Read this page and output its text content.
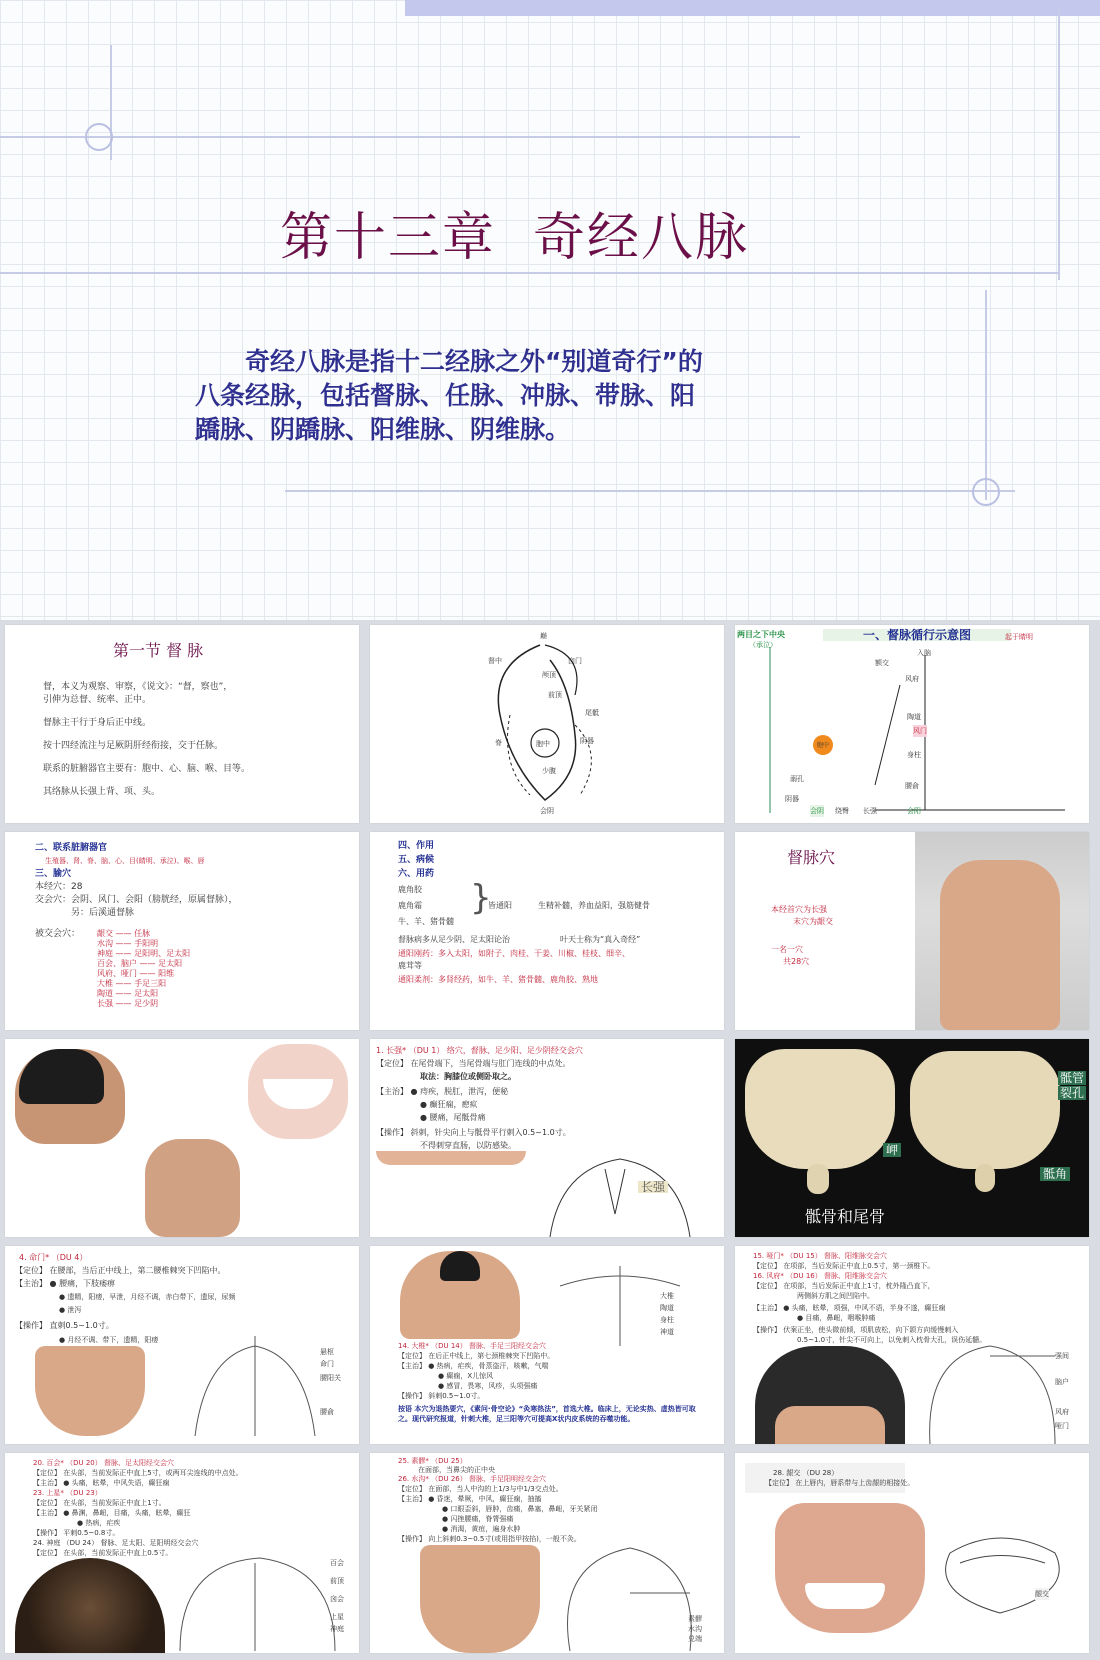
第十三章  奇经八脉
　　奇经八脉是指十二经脉之外“别道奇行”的
八条经脉，包括督脉、任脉、冲脉、带脉、阳
蹻脉、阴蹻脉、阳维脉、阴维脉。
第一节 督 脉
督，本义为观察、审察，《说文》：“督，察也”，
引伸为总督、统率、正中。
督脉主干行于身后正中线。
按十四经流注与足厥阴肝经衔接，交于任脉。
联系的脏腑器官主要有：胞中、心、脑、喉、目等。
其络脉从长强上背、项、头。
巅
囟门
督中
颅顶
前顶
尾骶
脊	胞中
少腹
阴器
会阴
两目之下中央
（承泣）
一、督脉循行示意图	起于睛明
入脑
额交
风府
陶道
风门
身柱
腰俞
会阴	长强
绕臀
胞中
会阳
阴器
溺孔
二、联系脏腑器官
生殖器、肾、脊、脑、心、目(睛明、承泣)、喉、唇
三、腧穴
本经穴：28
交会穴：会阴、风门、会阳（膀胱经，原属督脉），
另：后溪通督脉
被交会穴： 龈交 —— 任脉
水沟 —— 手阳明
神庭 —— 足阳明、足太阳
百会、脑户 —— 足太阳
风府、哑门 —— 阳维
大椎 —— 手足三阳
陶道 —— 足太阳
长强 —— 足少阴
四、作用
五、病候
六、用药
鹿角胶
鹿角霜
牛、羊、猪骨髓
}
皆通阳	生精补髓，养血益阳，强筋健骨
督脉病多从足少阴、足太阳论治	叶天士称为“真入奇经”
通阳刚药：多入太阳，如附子、肉桂、干姜、川椒、桂枝、细辛、
鹿茸等
通阳柔剂：多肾经药，如牛、羊、猪骨髓、鹿角胶、熟地
督脉穴
本经首穴为长强
末穴为龈交
一名一穴
共28穴
1. 长强* （DU 1） 络穴，督脉、足少阳、足少阴经交会穴
【定位】 在尾骨端下，当尾骨端与肛门连线的中点处。
取法：胸膝位或侧卧取之。
【主治】 ● 痔疾，脱肛，泄泻，便秘
● 癫狂痫，瘛疭
● 腰痛，尾骶骨痛
【操作】 斜刺，针尖向上与骶骨平行刺入0.5~1.0寸。
不得刺穿直肠，以防感染。
长强
骶管
裂孔
岬
骶角
骶骨和尾骨
4. 命门* （DU 4）
【定位】 在腰部，当后正中线上，第二腰椎棘突下凹陷中。
【主治】 ● 腰痛，下肢痿痹
● 遗精，阳痿，早泄，月经不调，赤白带下，遗尿，尿频
● 泄泻
【操作】 直刺0.5~1.0寸。
● 月经不调、带下，遗精，阳痿
悬枢
命门
腰阳关
腰俞
大椎
陶道
身柱
神道
14. 大椎* （DU 14） 督脉、手足三阳经交会穴
【定位】 在后正中线上，第七颈椎棘突下凹陷中。
【主治】 ● 热病，疟疾，骨蒸盗汗，咳嗽，气喘
● 癫痫，X儿惊风
● 感冒，畏寒，风疹，头项强痛
【操作】 斜刺0.5~1.0寸。
按语 本穴为退热要穴，《素问·骨空论》“灸寒热法”，首选大椎。临床上，无论实热、虚热皆可取之。现代研究报道，针刺大椎，足三阳等穴可提高X状内皮系统的吞噬功能。
15. 哑门* （DU 15） 督脉、阳维脉交会穴
【定位】 在项部，当后发际正中直上0.5寸，第一颈椎下。
16. 风府* （DU 16） 督脉、阳维脉交会穴
【定位】 在项部，当后发际正中直上1寸，枕外隆凸直下，
两侧斜方肌之间凹陷中。
【主治】 ● 头痛，眩晕，项强，中风不语，半身不遂，癫狂痫
● 目痛，鼻衄，咽喉肿痛
【操作】 伏案正坐，使头微前倾，项肌放松，向下颌方向缓慢刺入
0.5~1.0寸，针尖不可向上，以免刺入枕骨大孔，误伤延髓。
强间
脑户
风府
哑门
20. 百会* （DU 20） 督脉、足太阳经交会穴
【定位】 在头部，当前发际正中直上5寸，或两耳尖连线的中点处。
【主治】 ● 头痛，眩晕，中风失语，癫狂痫
23. 上星* （DU 23）
【定位】 在头部，当前发际正中直上1寸。
【主治】 ● 鼻渊，鼻衄，目痛，头痛，眩晕，癫狂
● 热病，疟疾
【操作】 平刺0.5~0.8寸。
24. 神庭 （DU 24） 督脉、足太阳、足阳明经交会穴
【定位】 在头部，当前发际正中直上0.5寸。
百会
前顶
囟会
上星
神庭
25. 素髎* （DU 25）
在面部，当鼻尖的正中央
26. 水沟* （DU 26） 督脉、手足阳明经交会穴
【定位】 在面部，当人中沟的上1/3与中1/3交点处。
【主治】 ● 昏迷，晕厥，中风，癫狂痫，抽搐
● 口眼歪斜，唇肿，齿痛，鼻塞，鼻衄，牙关紧闭
● 闪挫腰痛，脊膂强痛
● 消渴，黄疸，遍身水肿
【操作】 向上斜刺0.3~0.5寸(或用指甲按掐)，一般不灸。
素髎
水沟
兑端
28. 龈交 （DU 28）
【定位】 在上唇内，唇系带与上齿龈的相接处。
龈交
